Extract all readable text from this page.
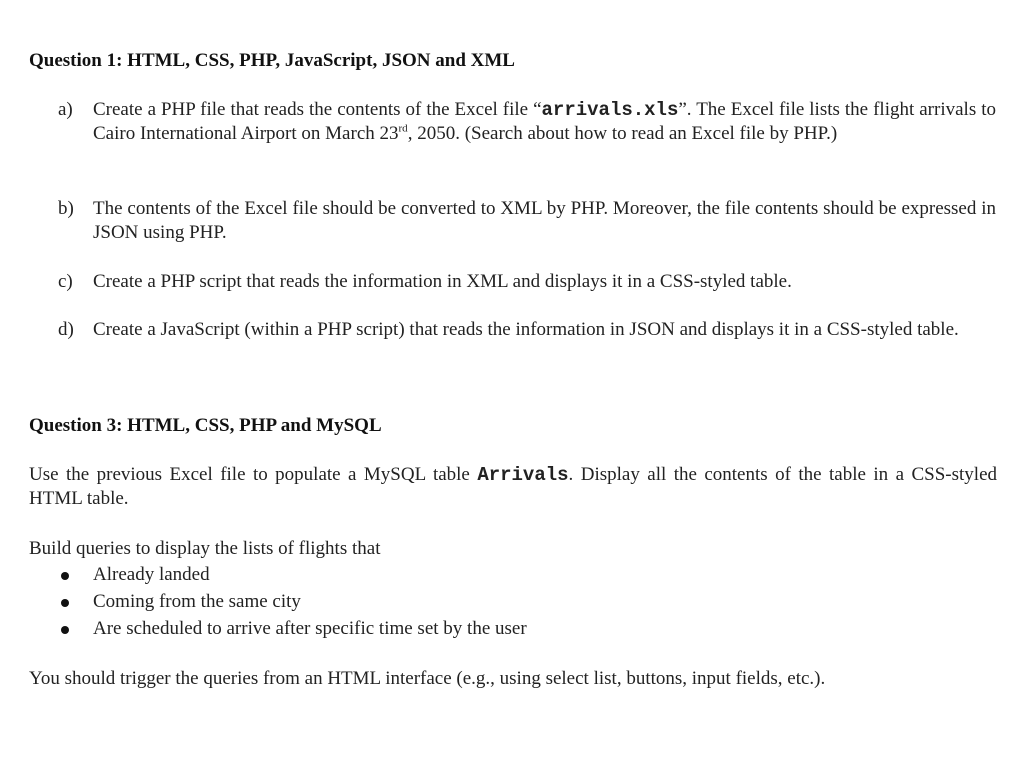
Question 1: HTML, CSS, PHP, JavaScript, JSON and XML
a) Create a PHP file that reads the contents of the Excel file “arrivals.xls”. The Excel file lists the flight arrivals to Cairo International Airport on March 23rd, 2050. (Search about how to read an Excel file by PHP.)
b) The contents of the Excel file should be converted to XML by PHP. Moreover, the file contents should be expressed in JSON using PHP.
c) Create a PHP script that reads the information in XML and displays it in a CSS-styled table.
d) Create a JavaScript (within a PHP script) that reads the information in JSON and displays it in a CSS-styled table.
Question 3: HTML, CSS, PHP and MySQL
Use the previous Excel file to populate a MySQL table Arrivals. Display all the contents of the table in a CSS-styled HTML table.
Build queries to display the lists of flights that
Already landed
Coming from the same city
Are scheduled to arrive after specific time set by the user
You should trigger the queries from an HTML interface (e.g., using select list, buttons, input fields, etc.).
